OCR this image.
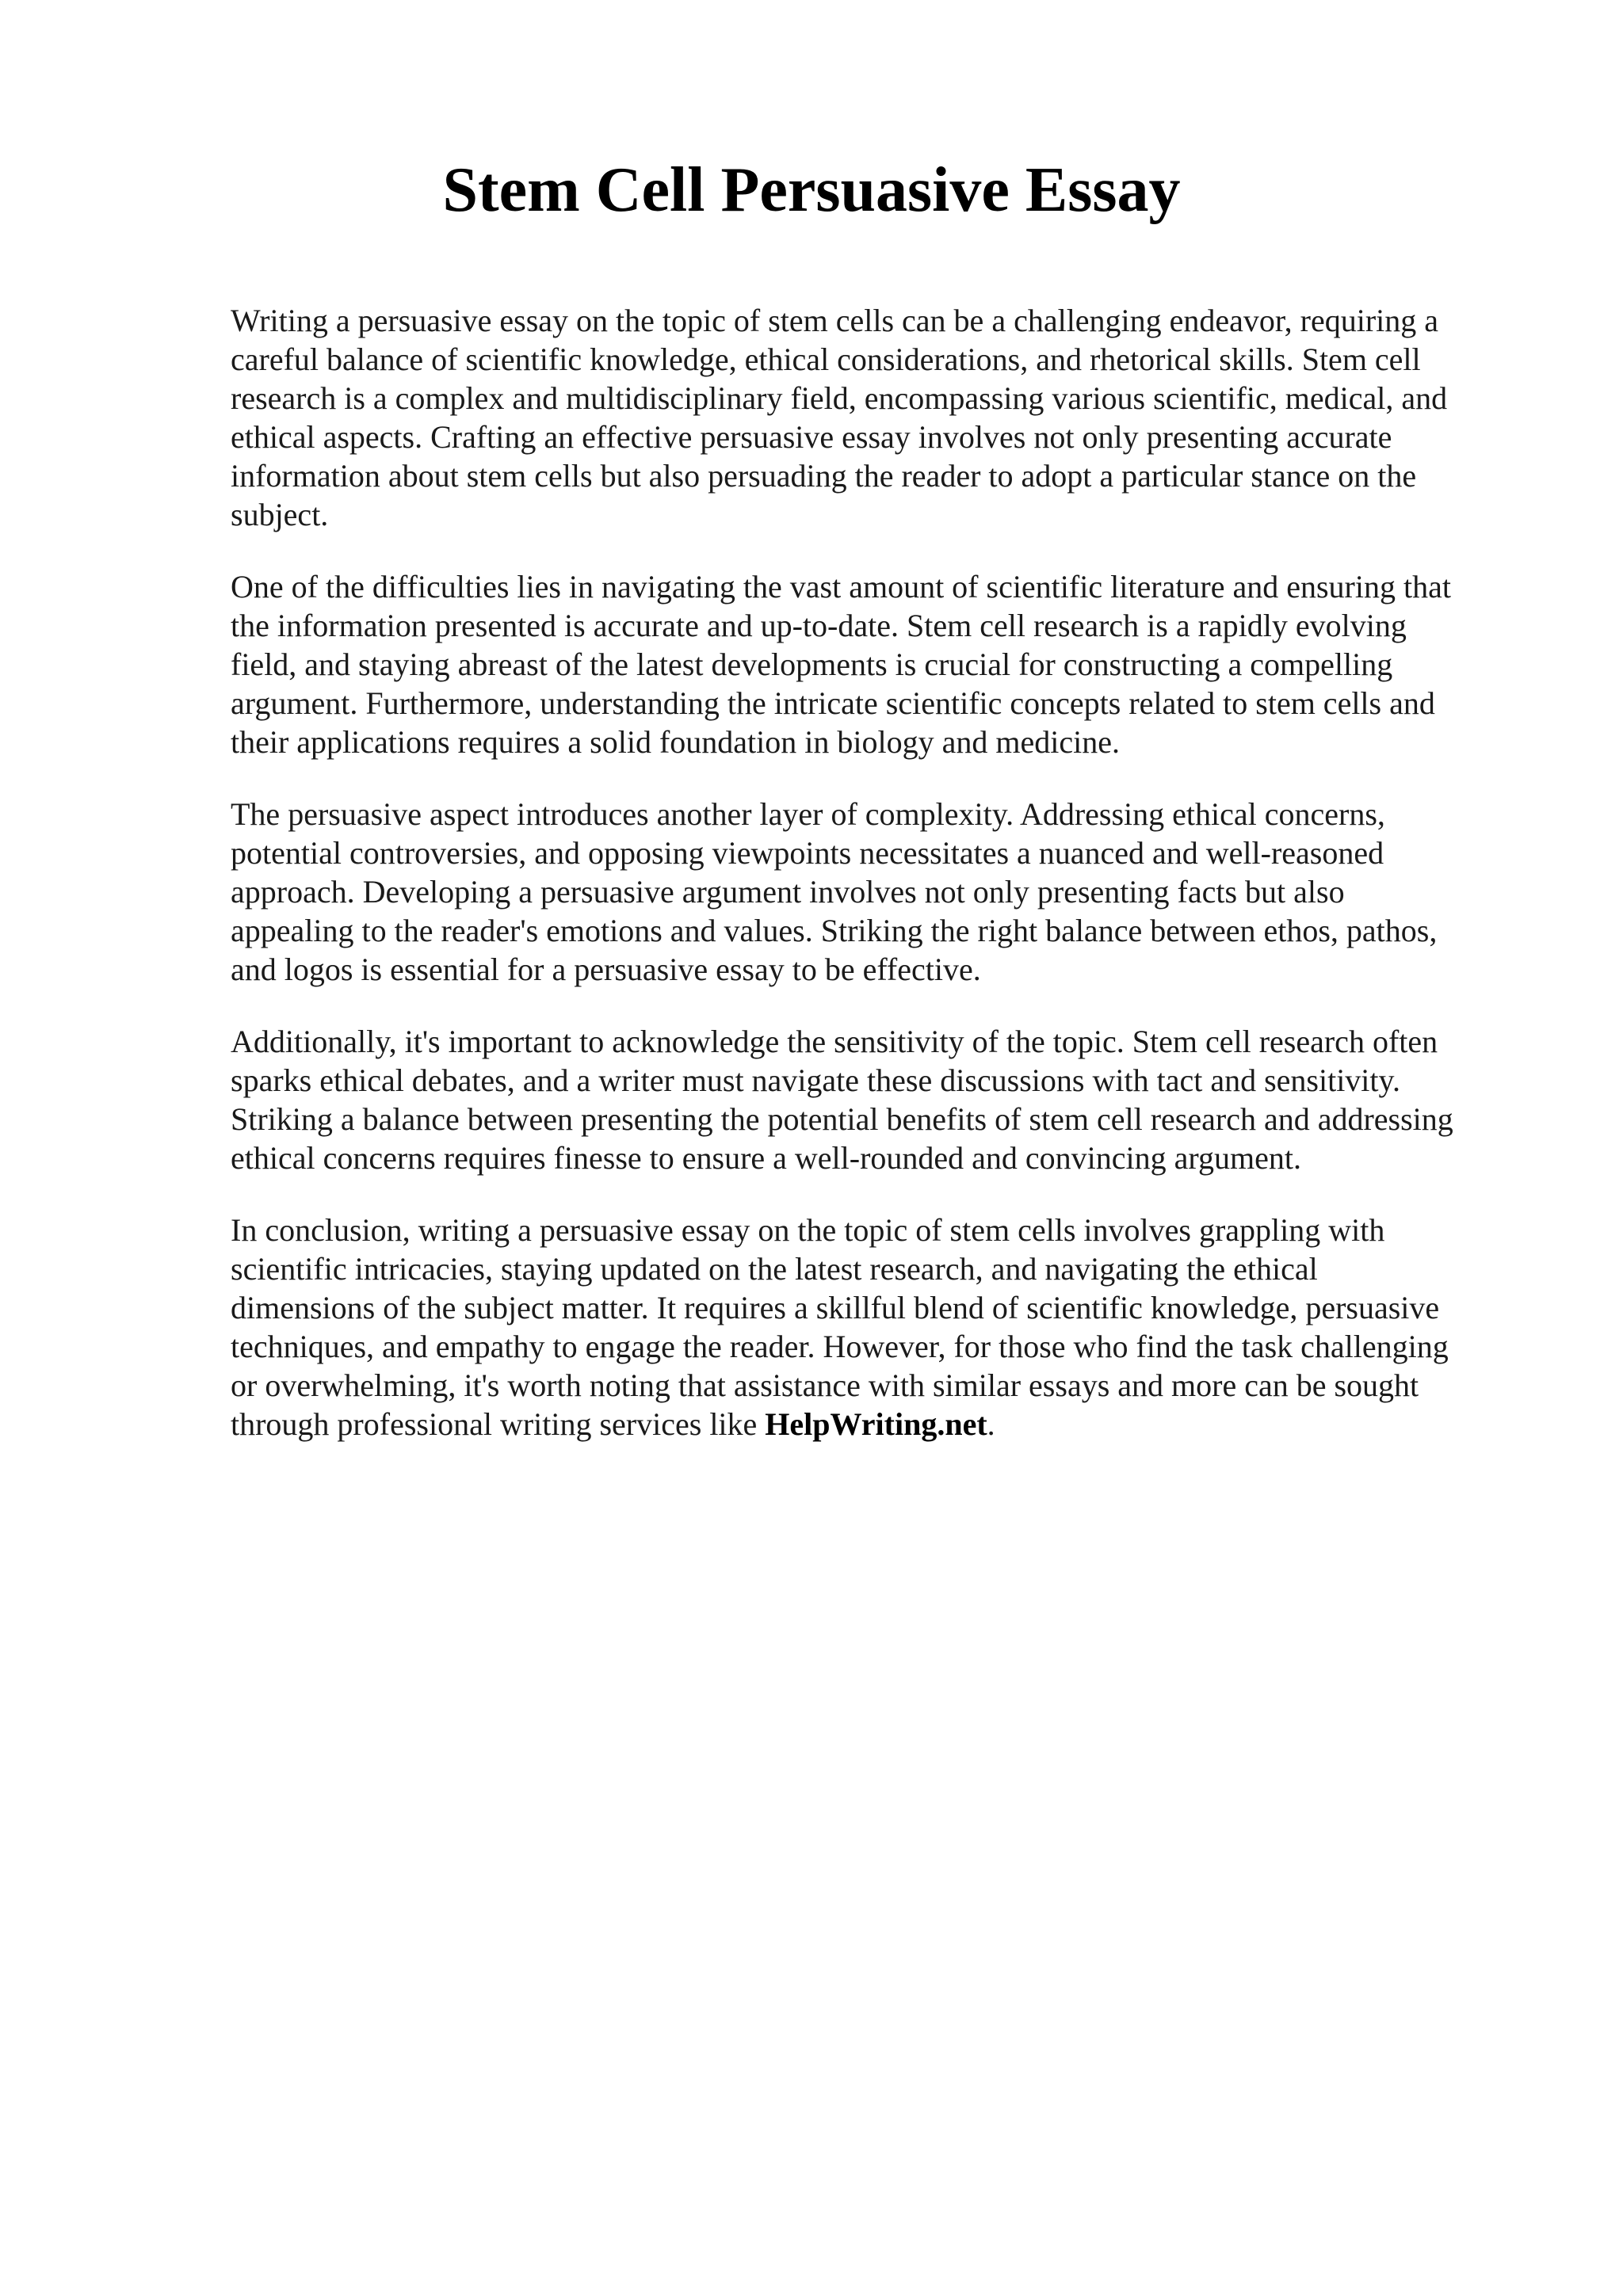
Stem Cell Persuasive Essay

Writing a persuasive essay on the topic of stem cells can be a challenging endeavor, requiring a
careful balance of scientific knowledge, ethical considerations, and rhetorical skills. Stem cell
research is a complex and multidisciplinary field, encompassing various scientific, medical, and
ethical aspects. Crafting an effective persuasive essay involves not only presenting accurate
information about stem cells but also persuading the reader to adopt a particular stance on the
subject.

One of the difficulties lies in navigating the vast amount of scientific literature and ensuring that
the information presented is accurate and up-to-date. Stem cell research is a rapidly evolving
field, and staying abreast of the latest developments is crucial for constructing a compelling
argument. Furthermore, understanding the intricate scientific concepts related to stem cells and
their applications requires a solid foundation in biology and medicine.

The persuasive aspect introduces another layer of complexity. Addressing ethical concerns,
potential controversies, and opposing viewpoints necessitates a nuanced and well-reasoned
approach. Developing a persuasive argument involves not only presenting facts but also
appealing to the reader's emotions and values. Striking the right balance between ethos, pathos,
and logos is essential for a persuasive essay to be effective.

Additionally, it's important to acknowledge the sensitivity of the topic. Stem cell research often
sparks ethical debates, and a writer must navigate these discussions with tact and sensitivity.
Striking a balance between presenting the potential benefits of stem cell research and addressing
ethical concerns requires finesse to ensure a well-rounded and convincing argument.

In conclusion, writing a persuasive essay on the topic of stem cells involves grappling with
scientific intricacies, staying updated on the latest research, and navigating the ethical
dimensions of the subject matter. It requires a skillful blend of scientific knowledge, persuasive
techniques, and empathy to engage the reader. However, for those who find the task challenging
or overwhelming, it's worth noting that assistance with similar essays and more can be sought
through professional writing services like HelpWriting.net.
